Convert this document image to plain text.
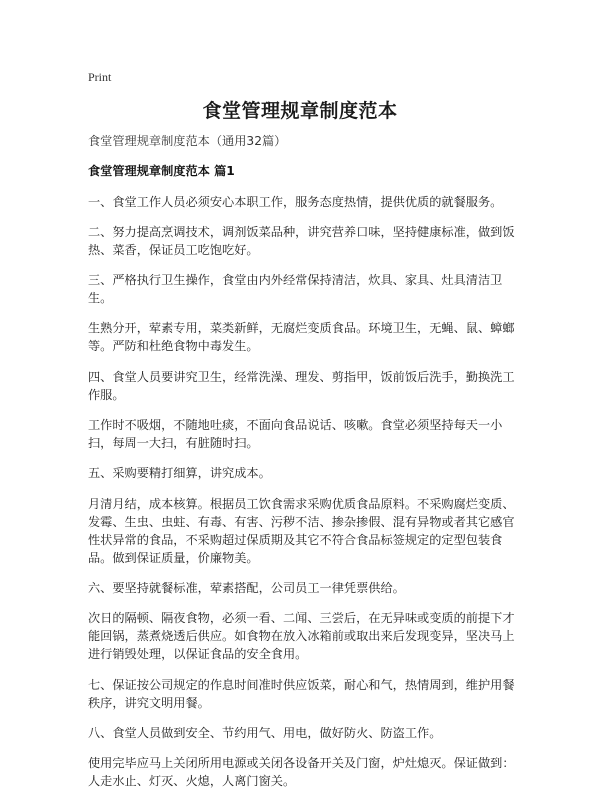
Print
食堂管理规章制度范本

食堂管理规章制度范本（通用32篇）

食堂管理规章制度范本 篇1

一、食堂工作人员必须安心本职工作，服务态度热情，提供优质的就餐服务。

二、努力提高烹调技术，调剂饭菜品种，讲究营养口味，坚持健康标准，做到饭热、菜香，保证员工吃饱吃好。

三、严格执行卫生操作，食堂由内外经常保持清洁，炊具、家具、灶具清洁卫生。

生熟分开，荤素专用，菜类新鲜，无腐烂变质食品。环境卫生，无蝇、鼠、蟑螂等。严防和杜绝食物中毒发生。

四、食堂人员要讲究卫生，经常洗澡、理发、剪指甲，饭前饭后洗手，勤换洗工作服。

工作时不吸烟，不随地吐痰，不面向食品说话、咳嗽。食堂必须坚持每天一小扫，每周一大扫，有脏随时扫。

五、采购要精打细算，讲究成本。

月清月结，成本核算。根据员工饮食需求采购优质食品原料。不采购腐烂变质、发霉、生虫、虫蛀、有毒、有害、污秽不洁、掺杂掺假、混有异物或者其它感官性状异常的食品，不采购超过保质期及其它不符合食品标签规定的定型包装食品。做到保证质量，价廉物美。

六、要坚持就餐标准，荤素搭配，公司员工一律凭票供给。

次日的隔顿、隔夜食物，必须一看、二闻、三尝后，在无异味或变质的前提下才能回锅，蒸煮烧透后供应。如食物在放入冰箱前或取出来后发现变异，坚决马上进行销毁处理，以保证食品的安全食用。

七、保证按公司规定的作息时间准时供应饭菜，耐心和气，热情周到，维护用餐秩序，讲究文明用餐。

八、食堂人员做到安全、节约用气、用电，做好防火、防盗工作。

使用完毕应马上关闭所用电源或关闭各设备开关及门窗，炉灶熄灭。保证做到：人走水止、灯灭、火熄，人离门窗关。
